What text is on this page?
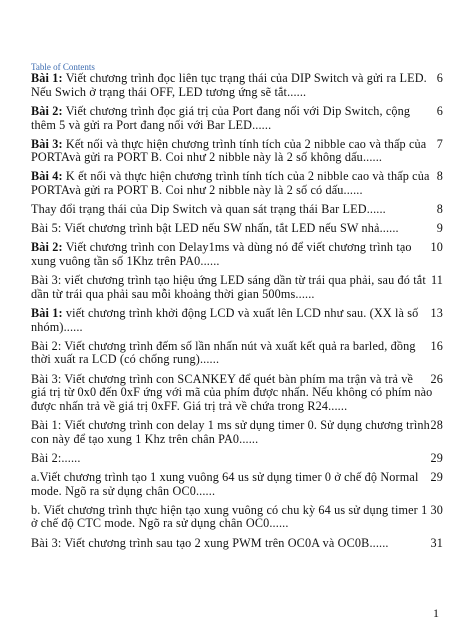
Table of Contents
6
Bài 1: Viết chương trình đọc liên tục trạng thái của DIP Switch và gửi ra LED. Nếu Swich ở trạng thái OFF, LED tương ứng sẽ tắt......
6
Bài 2: Viết chương trình đọc giá trị của Port đang nối với Dip Switch, cộng thêm 5 và gửi ra Port đang nối với Bar LED......
7
Bài 3: Kết nối và thực hiện chương trình tính tích của 2 nibble cao và thấp của PORTAvà gửi ra PORT B. Coi như 2 nibble này là 2 số không dấu......
8
Bài 4: K ết nối và thực hiện chương trình tính tích của 2 nibble cao và thấp của PORTAvà gửi ra PORT B. Coi như 2 nibble này là 2 số có dấu......
8
Thay đổi trạng thái của Dip Switch và quan sát trạng thái Bar LED......
9
Bài 5: Viết chương trình bật LED nếu SW nhấn, tắt LED nếu SW nhả......
10
Bài 2: Viết chương trình con Delay1ms và dùng nó để viết chương trình tạo xung vuông tần số 1Khz trên PA0......
11
Bài 3: viết chương trình tạo hiệu ứng LED sáng dần từ trái qua phải, sau đó tắt dần từ trái qua phải sau mỗi khoảng thời gian 500ms......
13
Bài 1: viết chương trình khởi động LCD và xuất lên LCD như sau. (XX là số nhóm)......
16
Bài 2: Viết chương trình đếm số lần nhấn nút và xuất kết quả ra barled, đồng thời xuất ra LCD (có chống rung)......
26
Bài 3: Viết chương trình con SCANKEY để quét bàn phím ma trận và trả về giá trị từ 0x0 đến 0xF ứng với mã của phím được nhấn. Nếu không có phím nào được nhấn trả về giá trị 0xFF. Giá trị trả về chứa trong R24......
28
Bài 1: Viết chương trình con delay 1 ms sử dụng timer 0. Sử dụng chương trình con này để tạo xung 1 Khz trên chân PA0......
29
Bài 2:......
29
a.Viết chương trình tạo 1 xung vuông 64 us sử dụng timer 0 ở chế độ Normal mode. Ngõ ra sử dụng chân OC0......
30
b. Viết chương trình thực hiện tạo xung vuông có chu kỳ 64 us sử dụng timer 1 ở chế độ CTC mode. Ngõ ra sử dụng chân OC0......
31
Bài 3: Viết chương trình sau tạo 2 xung PWM trên OC0A và OC0B......
1
